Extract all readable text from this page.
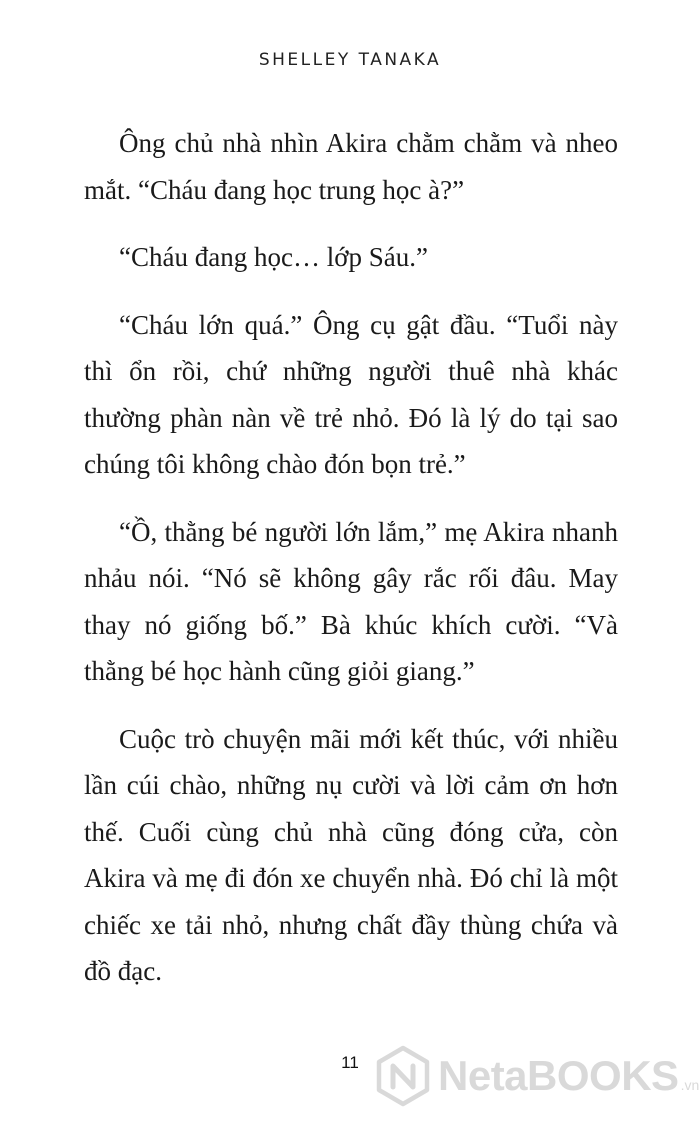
SHELLEY TANAKA

Ông chủ nhà nhìn Akira chằm chằm và nheo mắt. “Cháu đang học trung học à?”

“Cháu đang học… lớp Sáu.”

“Cháu lớn quá.” Ông cụ gật đầu. “Tuổi này thì ổn rồi, chứ những người thuê nhà khác thường phàn nàn về trẻ nhỏ. Đó là lý do tại sao chúng tôi không chào đón bọn trẻ.”

“Ồ, thằng bé người lớn lắm,” mẹ Akira nhanh nhảu nói. “Nó sẽ không gây rắc rối đâu. May thay nó giống bố.” Bà khúc khích cười. “Và thằng bé học hành cũng giỏi giang.”

Cuộc trò chuyện mãi mới kết thúc, với nhiều lần cúi chào, những nụ cười và lời cảm ơn hơn thế. Cuối cùng chủ nhà cũng đóng cửa, còn Akira và mẹ đi đón xe chuyển nhà. Đó chỉ là một chiếc xe tải nhỏ, nhưng chất đầy thùng chứa và đồ đạc.

11	NetaBOOKS .vn
